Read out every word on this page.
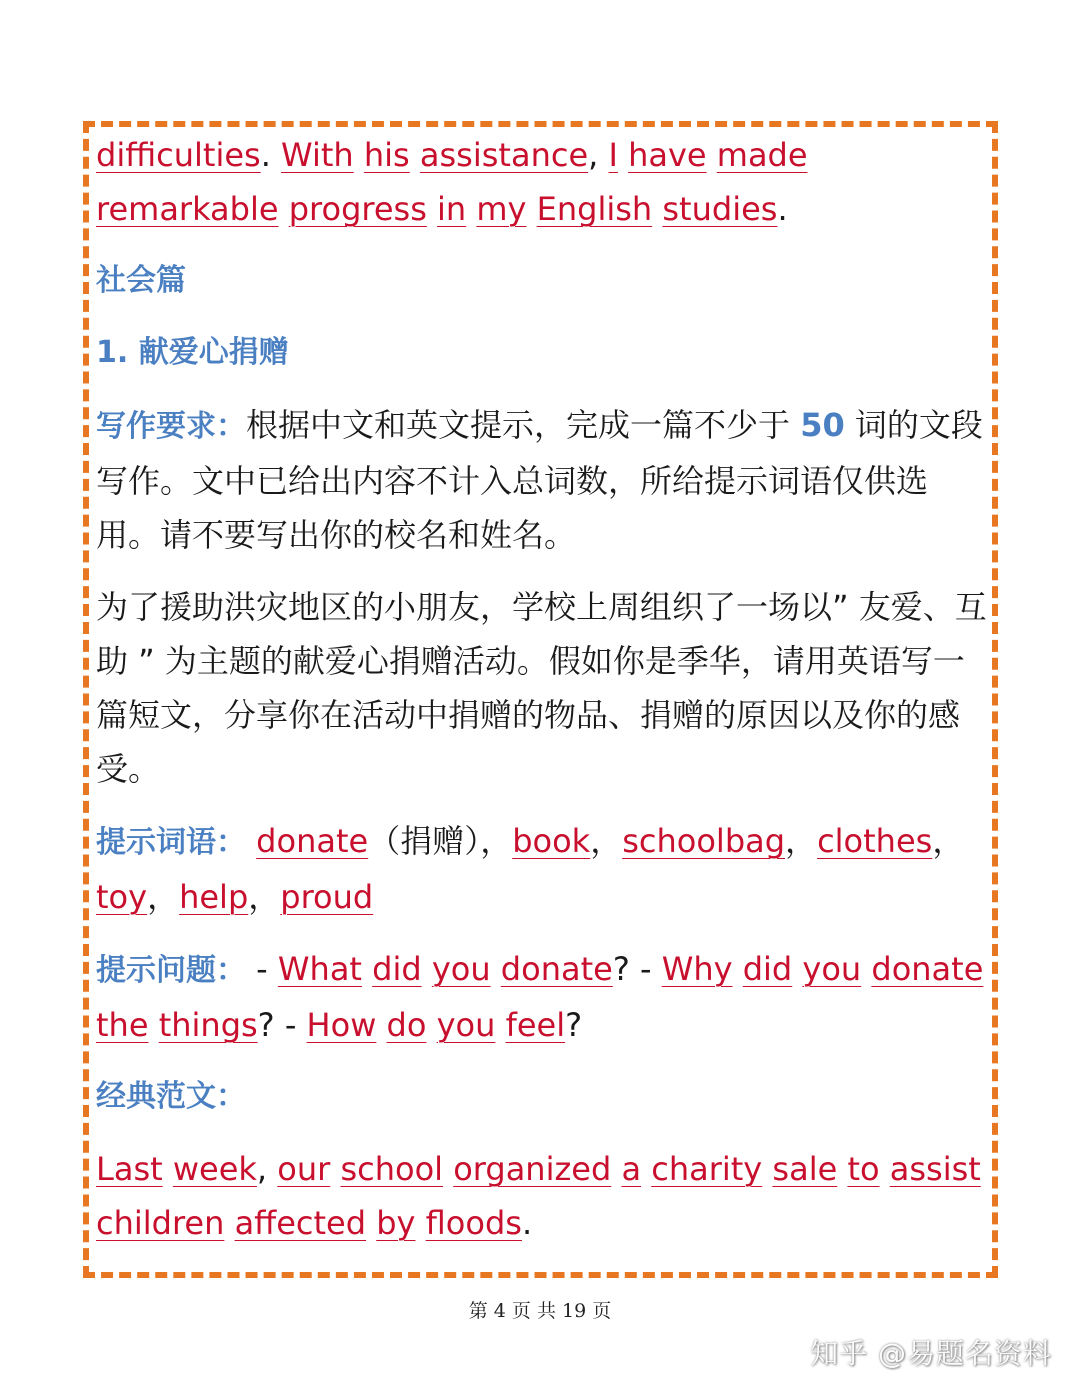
difficulties. With his assistance, I have made remarkable progress in my English studies.

社会篇

1. 献爱心捐赠

写作要求：根据中文和英文提示，完成一篇不少于 50 词的文段写作。文中已给出内容不计入总词数，所给提示词语仅供选用。请不要写出你的校名和姓名。

为了援助洪灾地区的小朋友，学校上周组织了一场以” 友爱、互助 ” 为主题的献爱心捐赠活动。假如你是季华，请用英语写一篇短文，分享你在活动中捐赠的物品、捐赠的原因以及你的感受。

提示词语： donate（捐赠），book，schoolbag，clothes，toy，help，proud

提示问题： - What did you donate? - Why did you donate the things? - How do you feel?

经典范文：

Last week, our school organized a charity sale to assist children affected by floods.

第 4 页 共 19 页
知乎 @易题名资料
